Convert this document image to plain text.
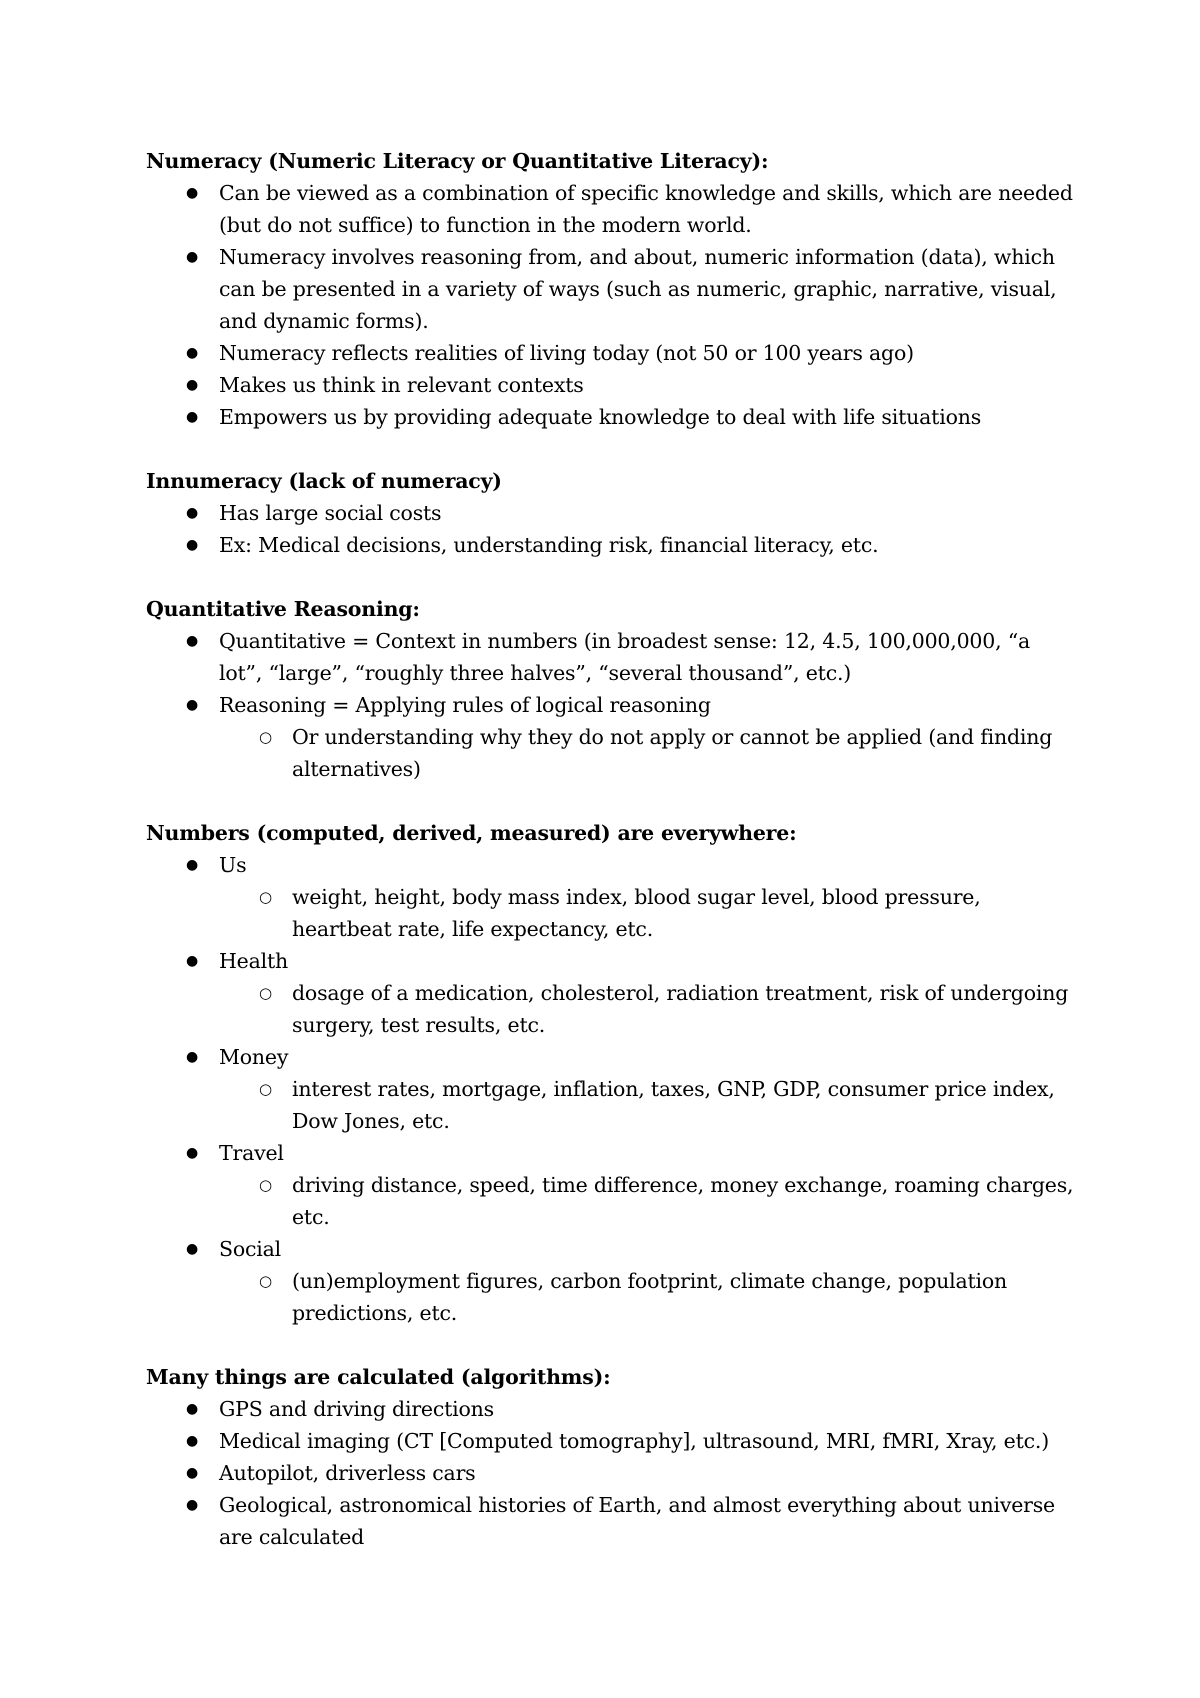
Numeracy (Numeric Literacy or Quantitative Literacy):

● Can be viewed as a combination of specific knowledge and skills, which are needed (but do not suffice) to function in the modern world.
● Numeracy involves reasoning from, and about, numeric information (data), which can be presented in a variety of ways (such as numeric, graphic, narrative, visual, and dynamic forms).
● Numeracy reflects realities of living today (not 50 or 100 years ago)
● Makes us think in relevant contexts
● Empowers us by providing adequate knowledge to deal with life situations

Innumeracy (lack of numeracy)

● Has large social costs
● Ex: Medical decisions, understanding risk, financial literacy, etc.

Quantitative Reasoning:

● Quantitative = Context in numbers (in broadest sense: 12, 4.5, 100,000,000, “a lot”, “large”, “roughly three halves”, “several thousand”, etc.)
● Reasoning = Applying rules of logical reasoning
○ Or understanding why they do not apply or cannot be applied (and finding alternatives)

Numbers (computed, derived, measured) are everywhere:

● Us
○ weight, height, body mass index, blood sugar level, blood pressure, heartbeat rate, life expectancy, etc.
● Health
○ dosage of a medication, cholesterol, radiation treatment, risk of undergoing surgery, test results, etc.
● Money
○ interest rates, mortgage, inflation, taxes, GNP, GDP, consumer price index, Dow Jones, etc.
● Travel
○ driving distance, speed, time difference, money exchange, roaming charges, etc.
● Social
○ (un)employment figures, carbon footprint, climate change, population predictions, etc.

Many things are calculated (algorithms):

● GPS and driving directions
● Medical imaging (CT [Computed tomography], ultrasound, MRI, fMRI, Xray, etc.)
● Autopilot, driverless cars
● Geological, astronomical histories of Earth, and almost everything about universe are calculated
